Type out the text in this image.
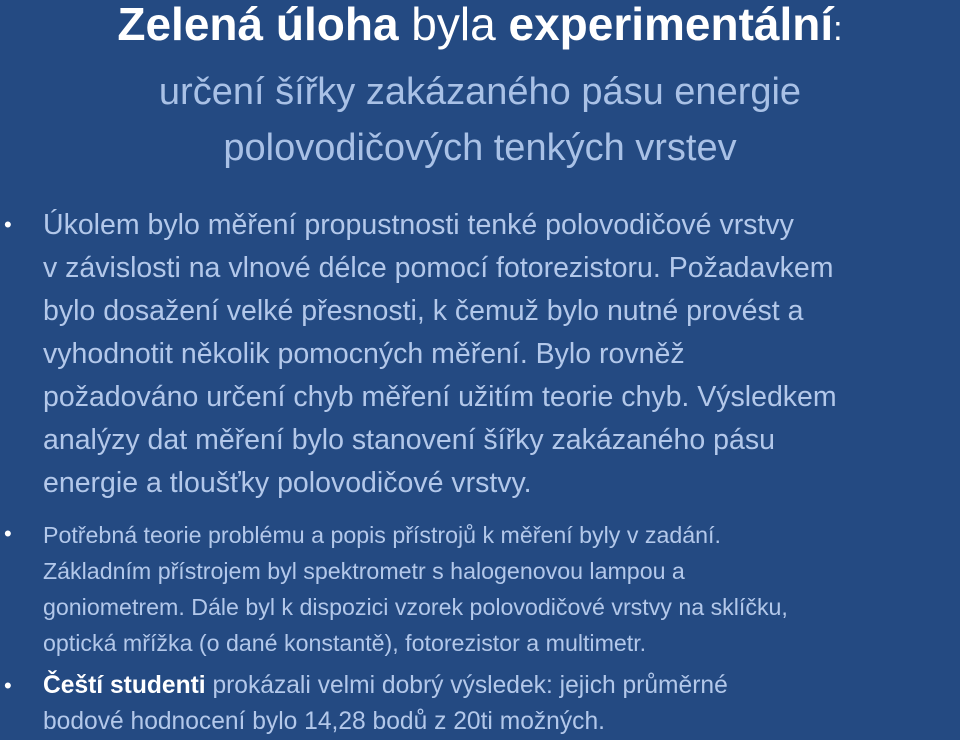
Zelená úloha byla experimentální:
určení šířky zakázaného pásu energie
polovodičových tenkých vrstev
• Úkolem bylo měření propustnosti tenké polovodičové vrstvy
v závislosti na vlnové délce pomocí fotorezistoru. Požadavkem
bylo dosažení velké přesnosti, k čemuž bylo nutné provést a
vyhodnotit několik pomocných měření. Bylo rovněž
požadováno určení chyb měření užitím teorie chyb. Výsledkem
analýzy dat měření bylo stanovení šířky zakázaného pásu
energie a tloušťky polovodičové vrstvy.

• Potřebná teorie problému a popis přístrojů k měření byly v zadání.
Základním přístrojem byl spektrometr s halogenovou lampou a
goniometrem. Dále byl k dispozici vzorek polovodičové vrstvy na sklíčku,
optická mřížka (o dané konstantě), fotorezistor a multimetr.

• Čeští studenti prokázali velmi dobrý výsledek: jejich průměrné
bodové hodnocení bylo 14,28 bodů z 20ti možných.
